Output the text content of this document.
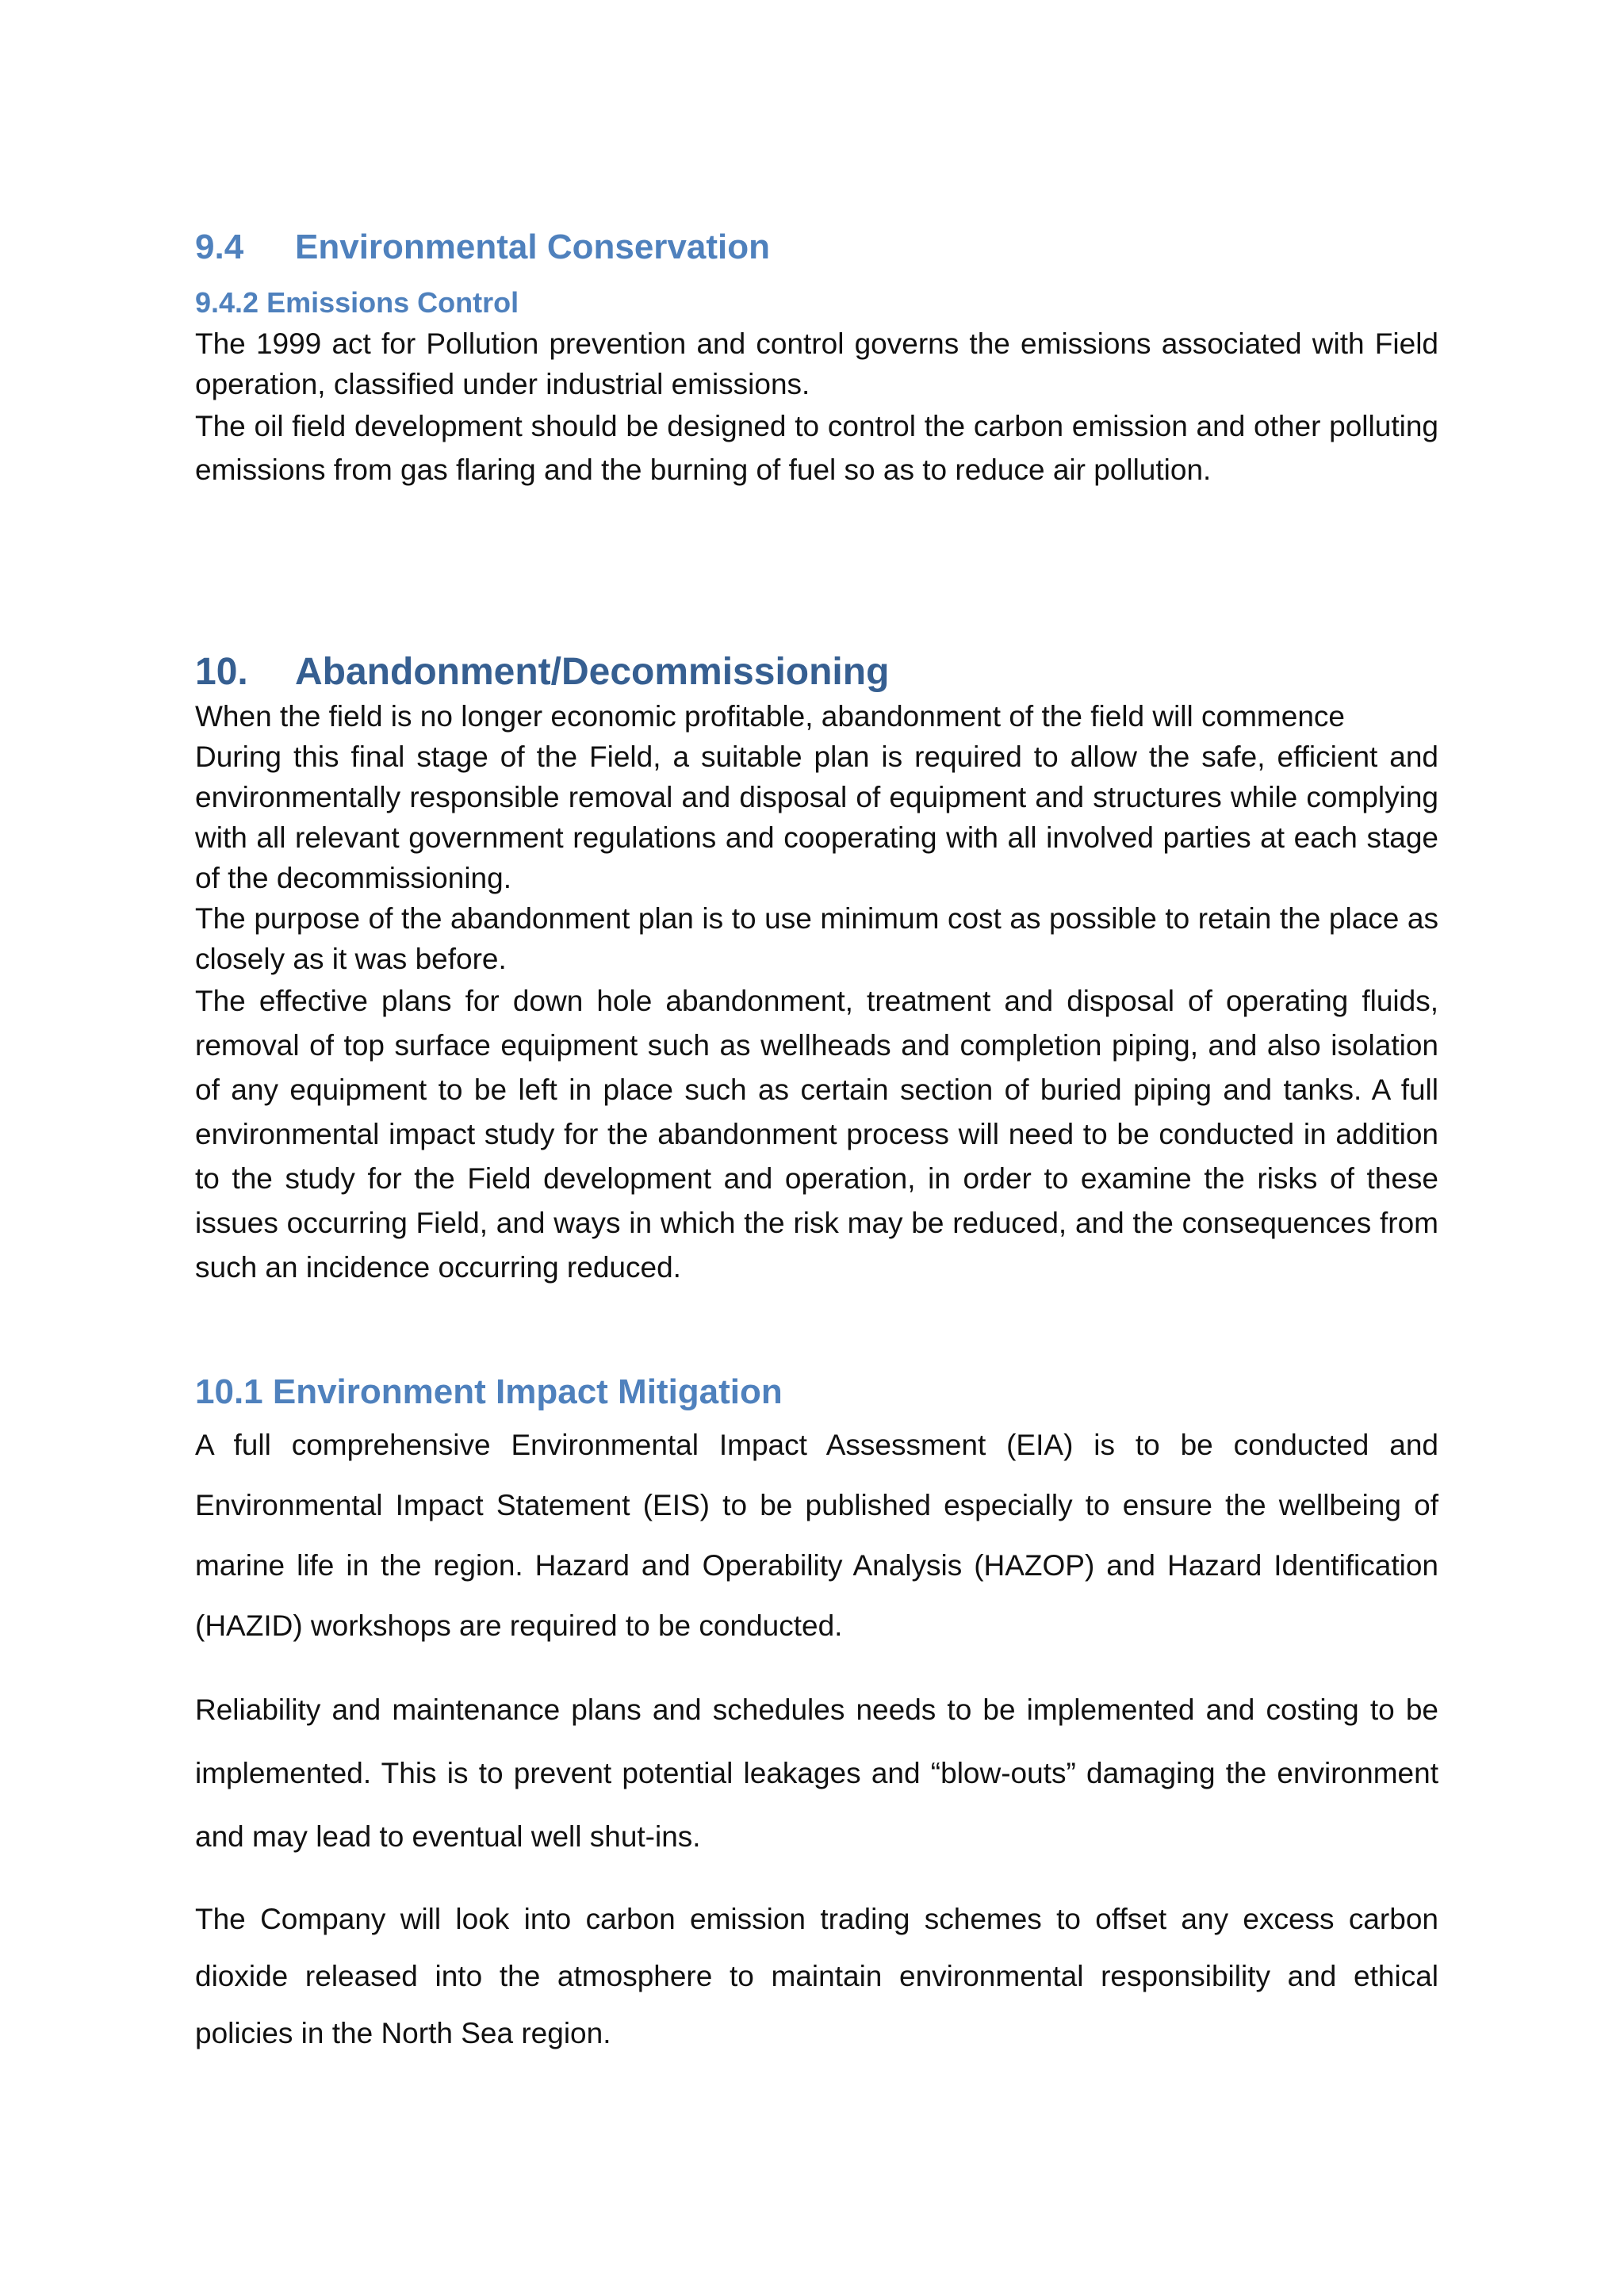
9.4	Environmental Conservation
9.4.2 Emissions Control

The 1999 act for Pollution prevention and control governs the emissions associated with Field operation, classified under industrial emissions.

The oil field development should be designed to control the carbon emission and other polluting emissions from gas flaring and the burning of fuel so as to reduce air pollution.

10.	Abandonment/Decommissioning

When the field is no longer economic profitable, abandonment of the field will commence

During this final stage of the Field, a suitable plan is required to allow the safe, efficient and environmentally responsible removal and disposal of equipment and structures while complying with all relevant government regulations and cooperating with all involved parties at each stage of the decommissioning.

The purpose of the abandonment plan is to use minimum cost as possible to retain the place as closely as it was before.

The effective plans for down hole abandonment, treatment and disposal of operating fluids, removal of top surface equipment such as wellheads and completion piping, and also isolation of any equipment to be left in place such as certain section of buried piping and tanks. A full environmental impact study for the abandonment process will need to be conducted in addition to the study for the Field development and operation, in order to examine the risks of these issues occurring Field, and ways in which the risk may be reduced, and the consequences from such an incidence occurring reduced.

10.1 Environment Impact Mitigation

A full comprehensive Environmental Impact Assessment (EIA) is to be conducted and Environmental Impact Statement (EIS) to be published especially to ensure the wellbeing of marine life in the region. Hazard and Operability Analysis (HAZOP) and Hazard Identification (HAZID) workshops are required to be conducted.

Reliability and maintenance plans and schedules needs to be implemented and costing to be implemented. This is to prevent potential leakages and “blow-outs” damaging the environment and may lead to eventual well shut-ins.

The Company will look into carbon emission trading schemes to offset any excess carbon dioxide released into the atmosphere to maintain environmental responsibility and ethical policies in the North Sea region.
